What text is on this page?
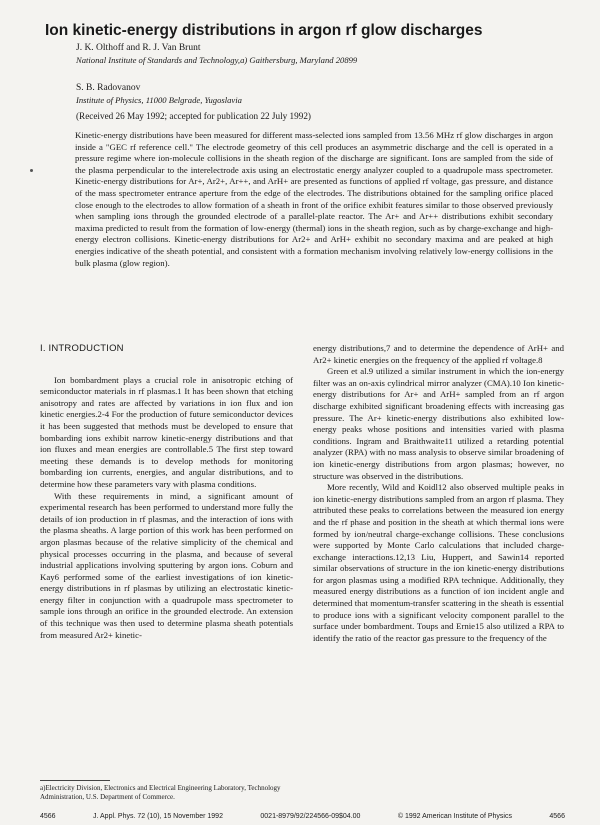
Ion kinetic-energy distributions in argon rf glow discharges
J. K. Olthoff and R. J. Van Brunt
National Institute of Standards and Technology,a) Gaithersburg, Maryland 20899
S. B. Radovanov
Institute of Physics, 11000 Belgrade, Yugoslavia
(Received 26 May 1992; accepted for publication 22 July 1992)
Kinetic-energy distributions have been measured for different mass-selected ions sampled from 13.56 MHz rf glow discharges in argon inside a "GEC rf reference cell." The electrode geometry of this cell produces an asymmetric discharge and the cell is operated in a pressure regime where ion-molecule collisions in the sheath region of the discharge are significant. Ions are sampled from the side of the plasma perpendicular to the interelectrode axis using an electrostatic energy analyzer coupled to a quadrupole mass spectrometer. Kinetic-energy distributions for Ar+, Ar2+, Ar++, and ArH+ are presented as functions of applied rf voltage, gas pressure, and distance of the mass spectrometer entrance aperture from the edge of the electrodes. The distributions obtained for the sampling orifice placed close enough to the electrodes to allow formation of a sheath in front of the orifice exhibit features similar to those observed previously when sampling ions through the grounded electrode of a parallel-plate reactor. The Ar+ and Ar++ distributions exhibit secondary maxima predicted to result from the formation of low-energy (thermal) ions in the sheath region, such as by charge-exchange and high-energy electron collisions. Kinetic-energy distributions for Ar2+ and ArH+ exhibit no secondary maxima and are peaked at high energies indicative of the sheath potential, and consistent with a formation mechanism involving relatively low-energy collisions in the bulk plasma (glow region).
I. INTRODUCTION

Ion bombardment plays a crucial role in anisotropic etching of semiconductor materials in rf plasmas.1 It has been shown that etching anisotropy and rates are affected by variations in ion flux and ion kinetic energies.2-4 For the production of future semiconductor devices it has been suggested that methods must be developed to ensure that bombarding ions exhibit narrow kinetic-energy distributions and that ion fluxes and mean energies are controllable.5 The first step toward meeting these demands is to develop methods for monitoring bombarding ion currents, energies, and angular distributions, and to determine how these parameters vary with plasma conditions.

With these requirements in mind, a significant amount of experimental research has been performed to understand more fully the details of ion production in rf plasmas, and the interaction of ions with the plasma sheaths. A large portion of this work has been performed on argon plasmas because of the relative simplicity of the chemical and physical processes occurring in the plasma, and because of several industrial applications involving sputtering by argon ions. Coburn and Kay6 performed some of the earliest investigations of ion kinetic-energy distributions in rf plasmas by utilizing an electrostatic kinetic-energy filter in conjunction with a quadrupole mass spectrometer to sample ions through an orifice in the grounded electrode. An extension of this technique was then used to determine plasma sheath potentials from measured Ar2+ kinetic-

energy distributions,7 and to determine the dependence of ArH+ and Ar2+ kinetic energies on the frequency of the applied rf voltage.8

Green et al.9 utilized a similar instrument in which the ion-energy filter was an on-axis cylindrical mirror analyzer (CMA).10 Ion kinetic-energy distributions for Ar+ and ArH+ sampled from an rf argon discharge exhibited significant broadening effects with increasing gas pressure. The Ar+ kinetic-energy distributions also exhibited low-energy peaks whose positions and intensities varied with plasma conditions. Ingram and Braithwaite11 utilized a retarding potential analyzer (RPA) with no mass analysis to observe similar broadening of ion kinetic-energy distributions from argon plasmas; however, no structure was observed in the distributions.

More recently, Wild and Koidl12 also observed multiple peaks in ion kinetic-energy distributions sampled from an argon rf plasma. They attributed these peaks to correlations between the measured ion energy and the rf phase and position in the sheath at which thermal ions were formed by ion/neutral charge-exchange collisions. These conclusions were supported by Monte Carlo calculations that included charge-exchange interactions.12,13 Liu, Huppert, and Sawin14 reported similar observations of structure in the ion kinetic-energy distributions for argon plasmas using a modified RPA technique. Additionally, they measured energy distributions as a function of ion incident angle and determined that momentum-transfer scattering in the sheath is essential to produce ions with a significant velocity component parallel to the surface under bombardment. Toups and Ernie15 also utilized a RPA to identify the ratio of the reactor gas pressure to the frequency of the

a)Electricity Division, Electronics and Electrical Engineering Laboratory, Technology Administration, U.S. Department of Commerce.
4566	J. Appl. Phys. 72 (10), 15 November 1992	0021-8979/92/224566-09$04.00	© 1992 American Institute of Physics	4566
